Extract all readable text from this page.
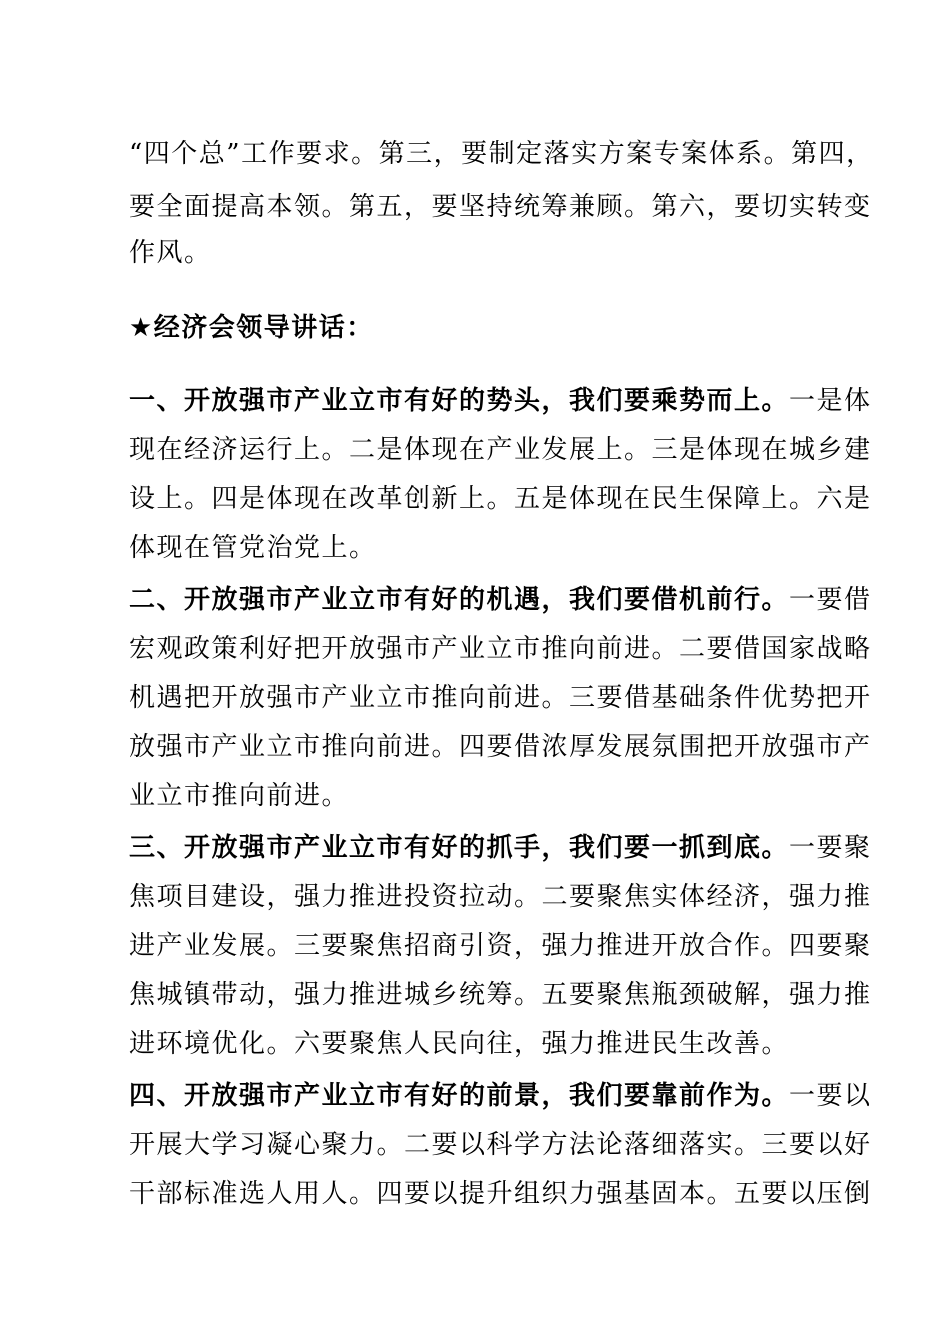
“四个总”工作要求。第三，要制定落实方案专案体系。第四，
要全面提高本领。第五，要坚持统筹兼顾。第六，要切实转变
作风。
★经济会领导讲话：
一、开放强市产业立市有好的势头，我们要乘势而上。一是体
现在经济运行上。二是体现在产业发展上。三是体现在城乡建
设上。四是体现在改革创新上。五是体现在民生保障上。六是
体现在管党治党上。
二、开放强市产业立市有好的机遇，我们要借机前行。一要借
宏观政策利好把开放强市产业立市推向前进。二要借国家战略
机遇把开放强市产业立市推向前进。三要借基础条件优势把开
放强市产业立市推向前进。四要借浓厚发展氛围把开放强市产
业立市推向前进。
三、开放强市产业立市有好的抓手，我们要一抓到底。一要聚
焦项目建设，强力推进投资拉动。二要聚焦实体经济，强力推
进产业发展。三要聚焦招商引资，强力推进开放合作。四要聚
焦城镇带动，强力推进城乡统筹。五要聚焦瓶颈破解，强力推
进环境优化。六要聚焦人民向往，强力推进民生改善。
四、开放强市产业立市有好的前景，我们要靠前作为。一要以
开展大学习凝心聚力。二要以科学方法论落细落实。三要以好
干部标准选人用人。四要以提升组织力强基固本。五要以压倒
